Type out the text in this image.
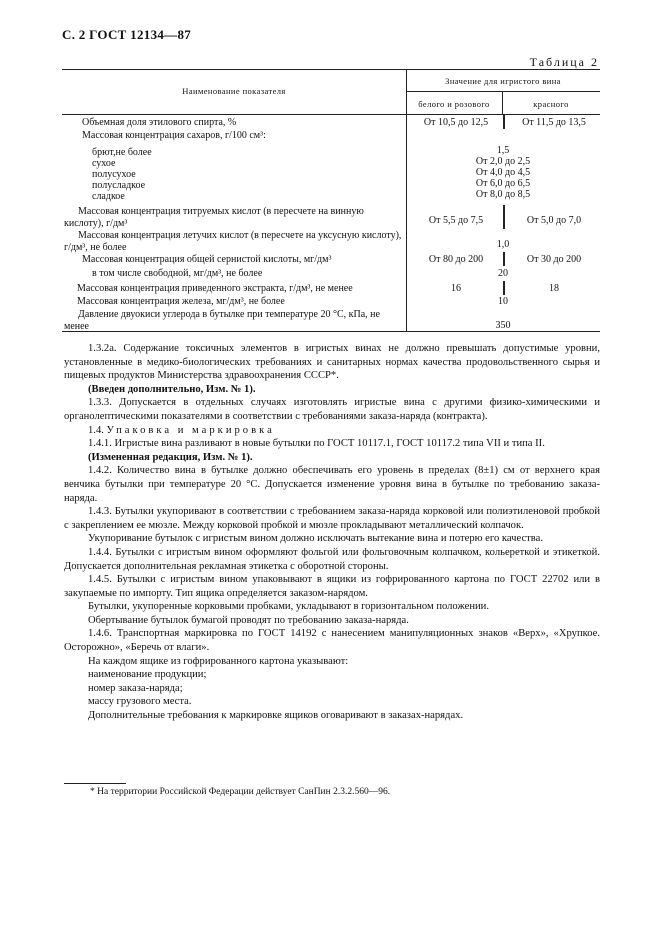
С. 2 ГОСТ 12134—87
Таблица 2
Наименование показателя
Значение для игристого вина
белого и розового	красного
Объемная доля этилового спирта, %	От 10,5 до 12,5	От 11,5 до 13,5
Массовая концентрация сахаров, г/100 см³:
брют,не более	1,5
сухое	От 2,0 до 2,5
полусухое	От 4,0 до 4,5
полусладкое	От 6,0 до 6,5
сладкое	От 8,0 до 8,5
Массовая концентрация титруемых кислот (в пересчете на винную кислоту), г/дм³	От 5,5 до 7,5	От 5,0 до 7,0
Массовая концентрация летучих кислот (в пересчете на уксусную кислоту), г/дм³, не более	1,0
Массовая концентрация общей сернистой кислоты, мг/дм³	От 80 до 200	От 30 до 200
в том числе свободной, мг/дм³, не более	20
Массовая концентрация приведенного экстракта, г/дм³, не менее	16	18
Массовая концентрация железа, мг/дм³, не более	10
Давление двуокиси углерода в бутылке при температуре 20 °С, кПа, не менее	350

1.3.2а. Содержание токсичных элементов в игристых винах не должно превышать допустимые уровни, установленные в медико-биологических требованиях и санитарных нормах качества продовольственного сырья и пищевых продуктов Министерства здравоохранения СССР*.

(Введен дополнительно, Изм. № 1).

1.3.3. Допускается в отдельных случаях изготовлять игристые вина с другими физико-химическими и органолептическими показателями в соответствии с требованиями заказа-наряда (контракта).

1.4. Упаковка и маркировка

1.4.1. Игристые вина разливают в новые бутылки по ГОСТ 10117.1, ГОСТ 10117.2 типа VII и типа II.

(Измененная редакция, Изм. № 1).

1.4.2. Количество вина в бутылке должно обеспечивать его уровень в пределах (8±1) см от верхнего края венчика бутылки при температуре 20 °С. Допускается изменение уровня вина в бутылке по требованию заказа-наряда.

1.4.3. Бутылки укупоривают в соответствии с требованием заказа-наряда корковой или полиэтиленовой пробкой с закреплением ее мюзле. Между корковой пробкой и мюзле прокладывают металлический колпачок.

Укупоривание бутылок с игристым вином должно исключать вытекание вина и потерю его качества.

1.4.4. Бутылки с игристым вином оформляют фольгой или фольговочным колпачком, кольереткой и этикеткой. Допускается дополнительная рекламная этикетка с оборотной стороны.

1.4.5. Бутылки с игристым вином упаковывают в ящики из гофрированного картона по ГОСТ 22702 или в закупаемые по импорту. Тип ящика определяется заказом-нарядом.

Бутылки, укупоренные корковыми пробками, укладывают в горизонтальном положении.

Обертывание бутылок бумагой проводят по требованию заказа-наряда.

1.4.6. Транспортная маркировка по ГОСТ 14192 с нанесением манипуляционных знаков «Верх», «Хрупкое. Осторожно», «Беречь от влаги».

На каждом ящике из гофрированного картона указывают:

наименование продукции;

номер заказа-наряда;

массу грузового места.

Дополнительные требования к маркировке ящиков оговаривают в заказах-нарядах.

* На территории Российской Федерации действует СанПин 2.3.2.560—96.
